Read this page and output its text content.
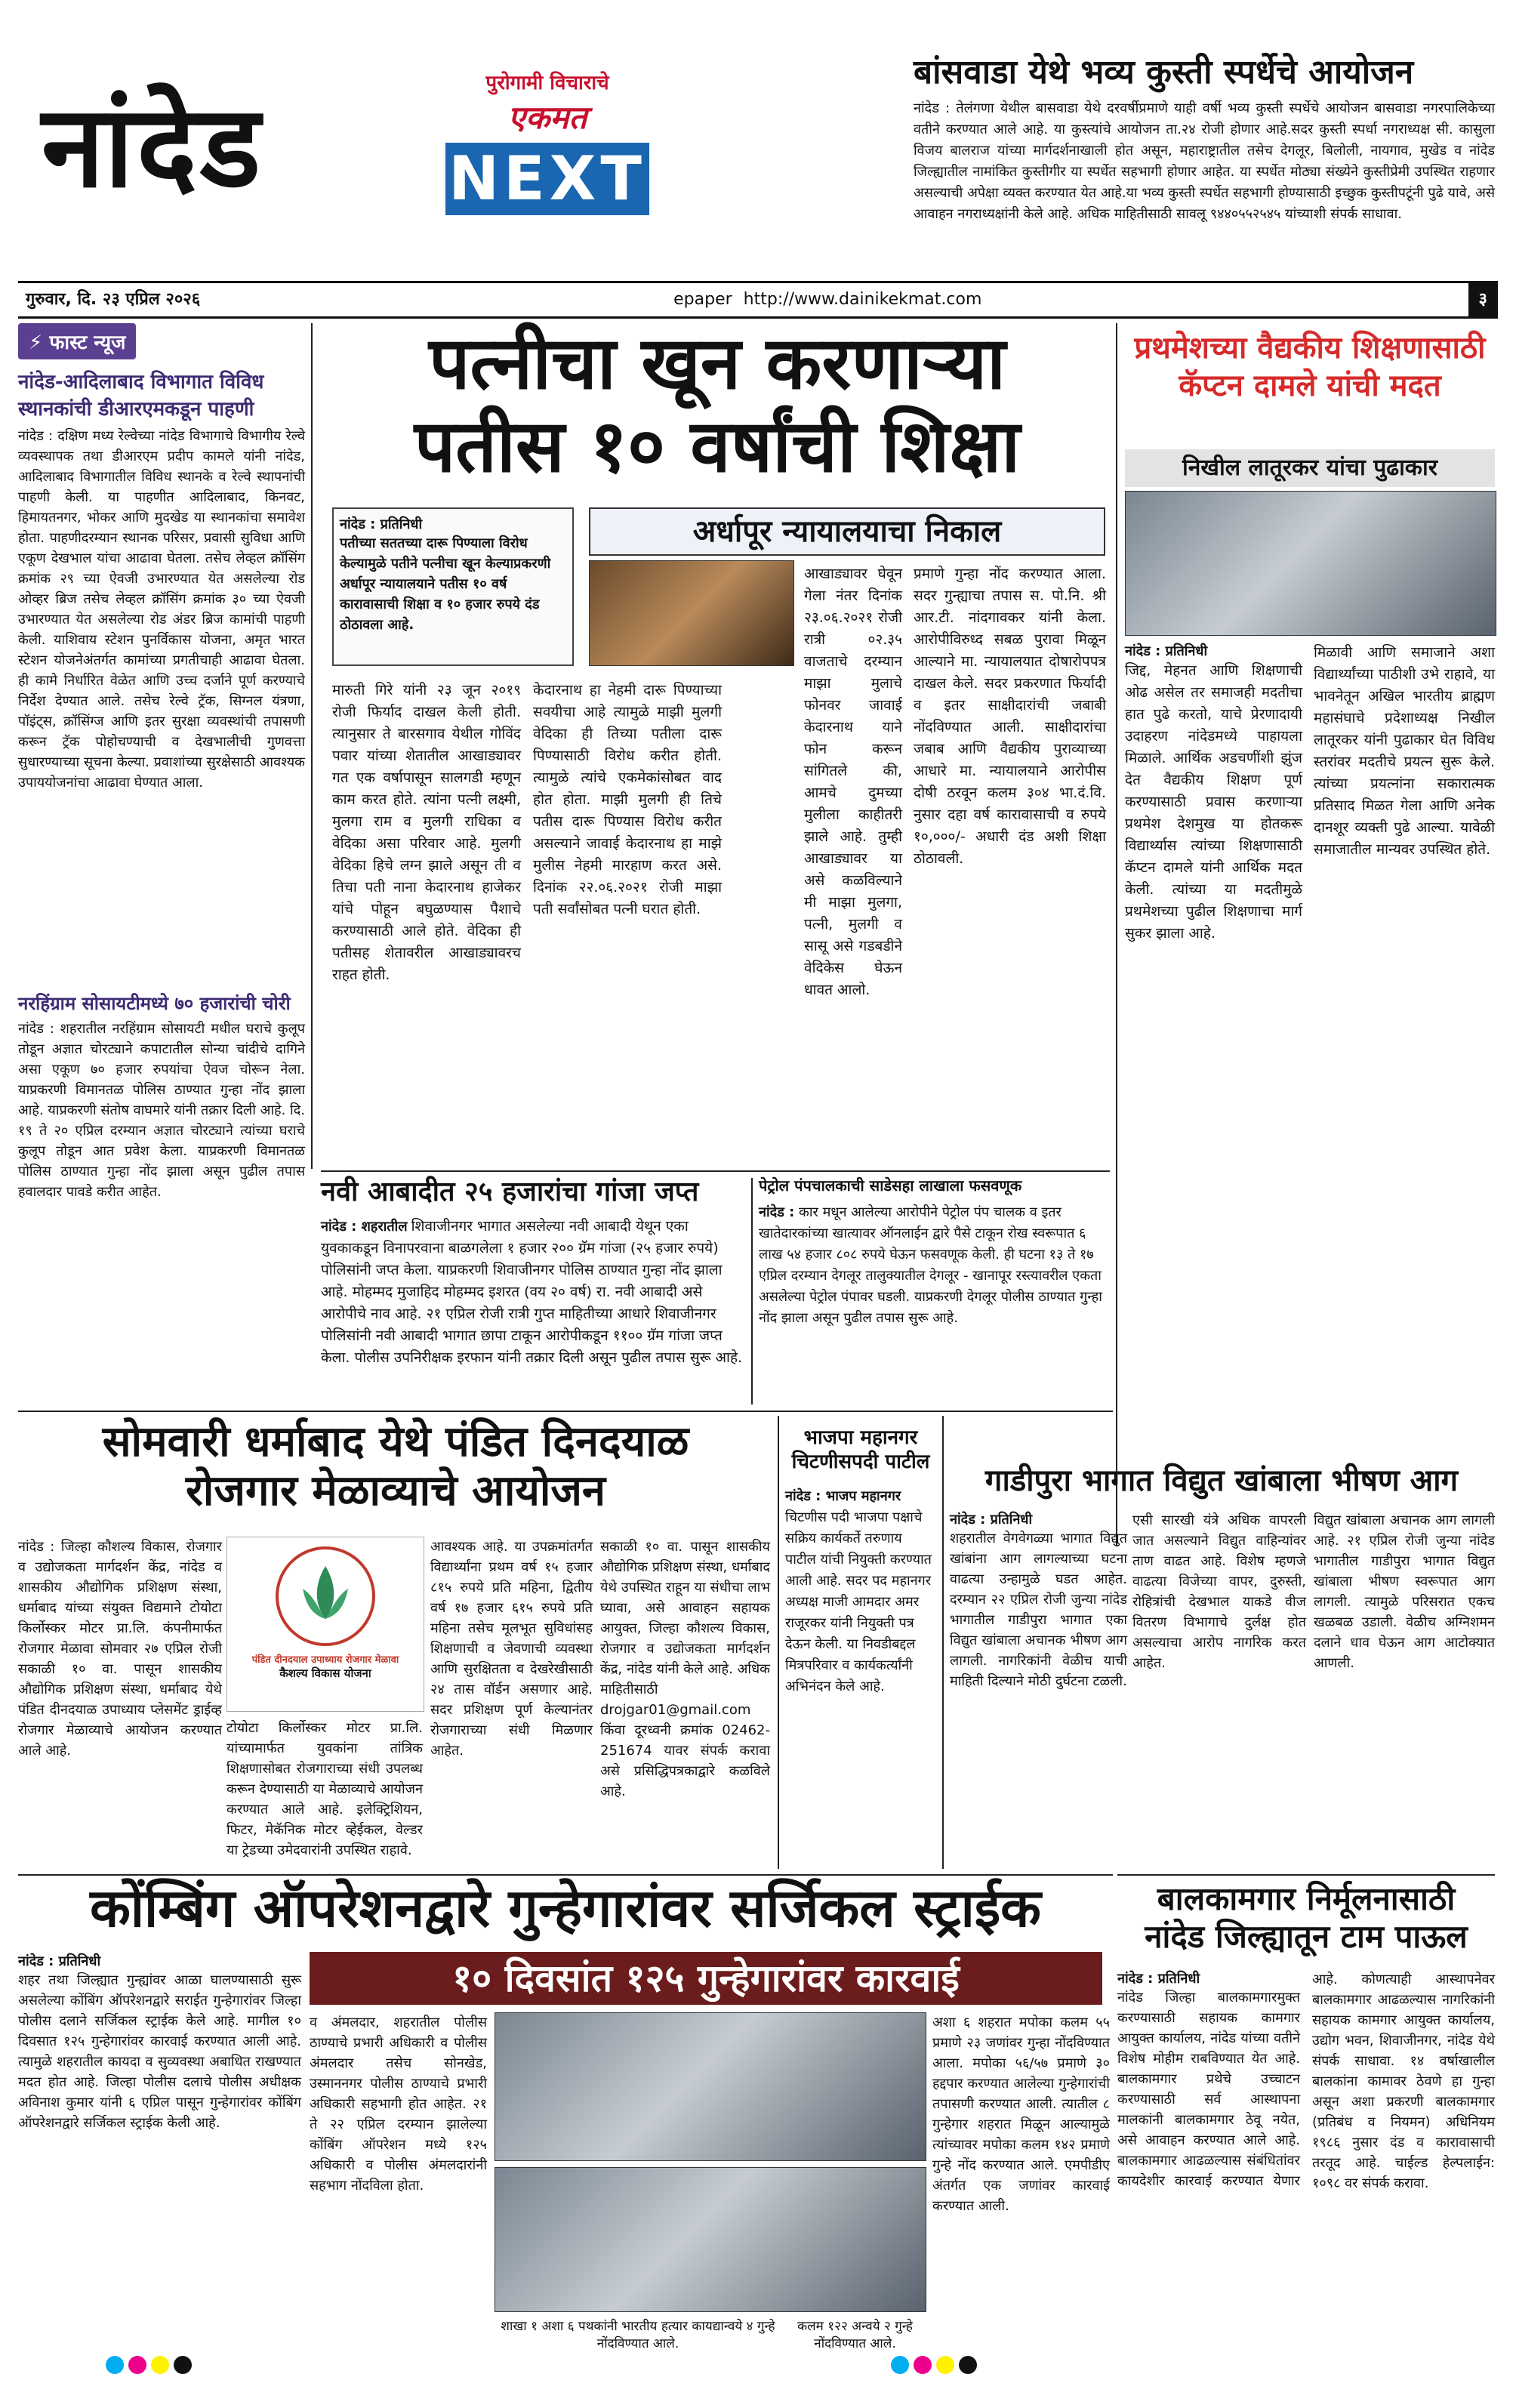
नांदेड	पुरोगामी विचाराचे
एकमत
NEXT
बांसवाडा येथे भव्य कुस्ती स्पर्धेचे आयोजन
नांदेड : तेलंगणा येथील बासवाडा येथे दरवर्षीप्रमाणे याही वर्षी भव्य कुस्ती स्पर्धेचे आयोजन बासवाडा नगरपालिकेच्या वतीने करण्यात आले आहे. या कुस्त्यांचे आयोजन ता.२४ रोजी होणार आहे.सदर कुस्ती स्पर्धा नगराध्यक्ष सी. कासुला विजय बालराज यांच्या मार्गदर्शनाखाली होत असून, महाराष्ट्रातील तसेच देगलूर, बिलोली, नायगाव, मुखेड व नांदेड जिल्ह्यातील नामांकित कुस्तीगीर या स्पर्धेत सहभागी होणार आहेत. या स्पर्धेत मोठ्या संख्येने कुस्तीप्रेमी उपस्थित राहणार असल्याची अपेक्षा व्यक्त करण्यात येत आहे.या भव्य कुस्ती स्पर्धेत सहभागी होण्यासाठी इच्छुक कुस्तीपटूंनी पुढे यावे, असे आवाहन नगराध्यक्षांनी केले आहे. अधिक माहितीसाठी सावलू ९४४०५५२५४५ यांच्याशी संपर्क साधावा.
गुरुवार, दि. २३ एप्रिल २०२६	epaper http://www.dainikekmat.com	३
⚡ फास्ट न्यूज
नांदेड-आदिलाबाद विभागात विविध स्थानकांची डीआरएमकडून पाहणी
नांदेड : दक्षिण मध्य रेल्वेच्या नांदेड विभागाचे विभागीय रेल्वे व्यवस्थापक तथा डीआरएम प्रदीप कामले यांनी नांदेड, आदिलाबाद विभागातील विविध स्थानके व रेल्वे स्थापनांची पाहणी केली. या पाहणीत आदिलाबाद, किनवट, हिमायतनगर, भोकर आणि मुदखेड या स्थानकांचा समावेश होता. पाहणीदरम्यान स्थानक परिसर, प्रवासी सुविधा आणि एकूण देखभाल यांचा आढावा घेतला. तसेच लेव्हल क्रॉसिंग क्रमांक २९ च्या ऐवजी उभारण्यात येत असलेल्या रोड ओव्हर ब्रिज तसेच लेव्हल क्रॉसिंग क्रमांक ३० च्या ऐवजी उभारण्यात येत असलेल्या रोड अंडर ब्रिज कामांची पाहणी केली. याशिवाय स्टेशन पुनर्विकास योजना, अमृत भारत स्टेशन योजनेअंतर्गत कामांच्या प्रगतीचाही आढावा घेतला. ही कामे निर्धारित वेळेत आणि उच्च दर्जाने पूर्ण करण्याचे निर्देश देण्यात आले. तसेच रेल्वे ट्रॅक, सिग्नल यंत्रणा, पॉइंट्स, क्रॉसिंग्ज आणि इतर सुरक्षा व्यवस्थांची तपासणी करून ट्रॅक पोहोचण्याची व देखभालीची गुणवत्ता सुधारण्याच्या सूचना केल्या. प्रवाशांच्या सुरक्षेसाठी आवश्यक उपाययोजनांचा आढावा घेण्यात आला.
नरहिंग्राम सोसायटीमध्ये ७० हजारांची चोरी
नांदेड : शहरातील नरहिंग्राम सोसायटी मधील घराचे कुलूप तोडून अज्ञात चोरट्याने कपाटातील सोन्या चांदीचे दागिने असा एकूण ७० हजार रुपयांचा ऐवज चोरून नेला. याप्रकरणी विमानतळ पोलिस ठाण्यात गुन्हा नोंद झाला आहे. याप्रकरणी संतोष वाघमारे यांनी तक्रार दिली आहे. दि. १९ ते २० एप्रिल दरम्यान अज्ञात चोरट्याने त्यांच्या घराचे कुलूप तोडून आत प्रवेश केला. याप्रकरणी विमानतळ पोलिस ठाण्यात गुन्हा नोंद झाला असून पुढील तपास हवालदार पावडे करीत आहेत.
पत्नीचा खून करणाऱ्या
पतीस १० वर्षांची शिक्षा
नांदेड : प्रतिनिधी
पतीच्या सततच्या दारू पिण्याला विरोध केल्यामुळे पतीने पत्नीचा खून केल्याप्रकरणी अर्धापूर न्यायालयाने पतीस १० वर्ष कारावासाची शिक्षा व १० हजार रुपये दंड ठोठावला आहे.
अर्धापूर न्यायालयाचा निकाल
मारुती गिरे यांनी २३ जून २०१९ रोजी फिर्याद दाखल केली होती. त्यानुसार ते बारसगाव येथील गोविंद पवार यांच्या शेतातील आखाड्यावर गत एक वर्षापासून सालगडी म्हणून काम करत होते. त्यांना पत्नी लक्ष्मी, मुलगा राम व मुलगी राधिका व वेदिका असा परिवार आहे. मुलगी वेदिका हिचे लग्न झाले असून ती व तिचा पती नाना केदारनाथ हाजेकर यांचे पोहून बघुळण्यास पैशाचे करण्यासाठी आले होते. वेदिका ही पतीसह शेतावरील आखाड्यावरच राहत होती.
केदारनाथ हा नेहमी दारू पिण्याच्या सवयीचा आहे त्यामुळे माझी मुलगी वेदिका ही तिच्या पतीला दारू पिण्यासाठी विरोध करीत होती. त्यामुळे त्यांचे एकमेकांसोबत वाद होत होता. माझी मुलगी ही तिचे पतीस दारू पिण्यास विरोध करीत असल्याने जावाई केदारनाथ हा माझे मुलीस नेहमी मारहाण करत असे. दिनांक २२.०६.२०२१ रोजी माझा पती सर्वांसोबत पत्नी घरात होती.
आखाड्यावर घेवून गेला नंतर दिनांक २३.०६.२०२१ रोजी रात्री ०२.३५ वाजताचे दरम्यान माझा मुलाचे फोनवर जावाई केदारनाथ याने फोन करून सांगितले की, आमचे दुमच्या मुलीला काहीतरी झाले आहे. तुम्ही आखाड्यावर या असे कळविल्याने मी माझा मुलगा, पत्नी, मुलगी व सासू असे गडबडीने वेदिकेस घेऊन धावत आलो.
प्रमाणे गुन्हा नोंद करण्यात आला. सदर गुन्ह्याचा तपास स. पो.नि. श्री आर.टी. नांदगावकर यांनी केला. आरोपीविरुध्द सबळ पुरावा मिळून आल्याने मा. न्यायालयात दोषारोपपत्र दाखल केले. सदर प्रकरणात फिर्यादी व इतर साक्षीदारांची जबाबी नोंदविण्यात आली. साक्षीदारांचा जबाब आणि वैद्यकीय पुराव्याच्या आधारे मा. न्यायालयाने आरोपीस दोषी ठरवून कलम ३०४ भा.दं.वि. नुसार दहा वर्ष कारावासाची व रुपये १०,०००/- अधारी दंड अशी शिक्षा ठोठावली.
प्रथमेशच्या वैद्यकीय शिक्षणासाठी
कॅप्टन दामले यांची मदत
निखील लातूरकर यांचा पुढाकार
नांदेड : प्रतिनिधी
जिद्द, मेहनत आणि शिक्षणाची ओढ असेल तर समाजही मदतीचा हात पुढे करतो, याचे प्रेरणादायी उदाहरण नांदेडमध्ये पाहायला मिळाले. आर्थिक अडचणींशी झुंज देत वैद्यकीय शिक्षण पूर्ण करण्यासाठी प्रवास करणाऱ्या प्रथमेश देशमुख या होतकरू विद्यार्थ्यास त्यांच्या शिक्षणासाठी कॅप्टन दामले यांनी आर्थिक मदत केली. त्यांच्या या मदतीमुळे प्रथमेशच्या पुढील शिक्षणाचा मार्ग सुकर झाला आहे.
मिळावी आणि समाजाने अशा विद्यार्थ्यांच्या पाठीशी उभे राहावे, या भावनेतून अखिल भारतीय ब्राह्मण महासंघाचे प्रदेशाध्यक्ष निखील लातूरकर यांनी पुढाकार घेत विविध स्तरांवर मदतीचे प्रयत्न सुरू केले. त्यांच्या प्रयत्नांना सकारात्मक प्रतिसाद मिळत गेला आणि अनेक दानशूर व्यक्ती पुढे आल्या. यावेळी समाजातील मान्यवर उपस्थित होते.
नवी आबादीत २५ हजारांचा गांजा जप्त
नांदेड : शहरातील शिवाजीनगर भागात असलेल्या नवी आबादी येथून एका युवकाकडून विनापरवाना बाळगलेला १ हजार २०० ग्रॅम गांजा (२५ हजार रुपये) पोलिसांनी जप्त केला. याप्रकरणी शिवाजीनगर पोलिस ठाण्यात गुन्हा नोंद झाला आहे. मोहम्मद मुजाहिद मोहम्मद इशरत (वय २० वर्ष) रा. नवी आबादी असे आरोपीचे नाव आहे. २१ एप्रिल रोजी रात्री गुप्त माहितीच्या आधारे शिवाजीनगर पोलिसांनी नवी आबादी भागात छापा टाकून आरोपीकडून ११०० ग्रॅम गांजा जप्त केला. पोलीस उपनिरीक्षक इरफान यांनी तक्रार दिली असून पुढील तपास सुरू आहे.
पेट्रोल पंपचालकाची साडेसहा लाखाला फसवणूक
नांदेड : कार मधून आलेल्या आरोपीने पेट्रोल पंप चालक व इतर खातेदारकांच्या खात्यावर ऑनलाईन द्वारे पैसे टाकून रोख स्वरूपात ६ लाख ५४ हजार ८०८ रुपये घेऊन फसवणूक केली. ही घटना १३ ते १७ एप्रिल दरम्यान देगलूर तालुक्यातील देगलूर - खानापूर रस्त्यावरील एकता असलेल्या पेट्रोल पंपावर घडली. याप्रकरणी देगलूर पोलीस ठाण्यात गुन्हा नोंद झाला असून पुढील तपास सुरू आहे.
सोमवारी धर्माबाद येथे पंडित दिनदयाळ
रोजगार मेळाव्याचे आयोजन
नांदेड : जिल्हा कौशल्य विकास, रोजगार व उद्योजकता मार्गदर्शन केंद्र, नांदेड व शासकीय औद्योगिक प्रशिक्षण संस्था, धर्माबाद यांच्या संयुक्त विद्यमाने टोयोटा किर्लोस्कर मोटर प्रा.लि. कंपनीमार्फत रोजगार मेळावा सोमवार २७ एप्रिल रोजी सकाळी १० वा. पासून शासकीय औद्योगिक प्रशिक्षण संस्था, धर्माबाद येथे पंडित दीनदयाळ उपाध्याय प्लेसमेंट ड्राईव्ह रोजगार मेळाव्याचे आयोजन करण्यात आले आहे.
पंडित दीनदयाल उपाध्याय रोजगार मेळावा
कैशल्य विकास योजना
टोयोटा किर्लोस्कर मोटर प्रा.लि. यांच्यामार्फत युवकांना तांत्रिक शिक्षणासोबत रोजगाराच्या संधी उपलब्ध करून देण्यासाठी या मेळाव्याचे आयोजन करण्यात आले आहे. इलेक्ट्रिशियन, फिटर, मेकॅनिक मोटर व्हेईकल, वेल्डर या ट्रेडच्या उमेदवारांनी उपस्थित राहावे.
आवश्यक आहे. या उपक्रमांतर्गत विद्यार्थ्यांना प्रथम वर्ष १५ हजार ८१५ रुपये प्रति महिना, द्वितीय वर्ष १७ हजार ६१५ रुपये प्रति महिना तसेच मूलभूत सुविधांसह शिक्षणाची व जेवणाची व्यवस्था आणि सुरक्षितता व देखरेखीसाठी २४ तास वॉर्डन असणार आहे. सदर प्रशिक्षण पूर्ण केल्यानंतर रोजगाराच्या संधी मिळणार आहेत.
सकाळी १० वा. पासून शासकीय औद्योगिक प्रशिक्षण संस्था, धर्माबाद येथे उपस्थित राहून या संधीचा लाभ घ्यावा, असे आवाहन सहायक आयुक्त, जिल्हा कौशल्य विकास, रोजगार व उद्योजकता मार्गदर्शन केंद्र, नांदेड यांनी केले आहे. अधिक माहितीसाठी drojgar01@gmail.com किंवा दूरध्वनी क्रमांक 02462-251674 यावर संपर्क करावा असे प्रसिद्धिपत्रकाद्वारे कळविले आहे.
भाजपा महानगर
चिटणीसपदी पाटील
नांदेड : भाजप महानगर चिटणीस पदी भाजपा पक्षाचे सक्रिय कार्यकर्ते तरुणाय पाटील यांची नियुक्ती करण्यात आली आहे. सदर पद महानगर अध्यक्ष माजी आमदार अमर राजूरकर यांनी नियुक्ती पत्र देऊन केली. या निवडीबद्दल मित्रपरिवार व कार्यकर्त्यांनी अभिनंदन केले आहे.
गाडीपुरा भागात विद्युत खांबाला भीषण आग
नांदेड : प्रतिनिधी
शहरातील वेगवेगळ्या भागात विद्युत खांबांना आग लागल्याच्या घटना वाढत्या उन्हामुळे घडत आहेत. दरम्यान २२ एप्रिल रोजी जुन्या नांदेड भागातील गाडीपुरा भागात एका विद्युत खांबाला अचानक भीषण आग लागली. नागरिकांनी वेळीच याची माहिती दिल्याने मोठी दुर्घटना टळली.
एसी सारखी यंत्रे अधिक वापरली जात असल्याने विद्युत वाहिन्यांवर ताण वाढत आहे. विशेष म्हणजे वाढत्या विजेच्या वापर, दुरुस्ती, रोहित्रांची देखभाल याकडे वीज वितरण विभागाचे दुर्लक्ष होत असल्याचा आरोप नागरिक करत आहेत.
विद्युत खांबाला अचानक आग लागली आहे. २१ एप्रिल रोजी जुन्या नांदेड भागातील गाडीपुरा भागात विद्युत खांबाला भीषण स्वरूपात आग लागली. त्यामुळे परिसरात एकच खळबळ उडाली. वेळीच अग्निशमन दलाने धाव घेऊन आग आटोक्यात आणली.
बालकामगार निर्मूलनासाठी
नांदेड जिल्ह्यातून टाम पाऊल
नांदेड : प्रतिनिधी
नांदेड जिल्हा बालकामगारमुक्त करण्यासाठी सहायक कामगार आयुक्त कार्यालय, नांदेड यांच्या वतीने विशेष मोहीम राबविण्यात येत आहे. बालकामगार प्रथेचे उच्चाटन करण्यासाठी सर्व आस्थापना मालकांनी बालकामगार ठेवू नयेत, असे आवाहन करण्यात आले आहे. बालकामगार आढळल्यास संबंधितांवर कायदेशीर कारवाई करण्यात येणार आहे. कोणत्याही आस्थापनेवर बालकामगार आढळल्यास नागरिकांनी सहायक कामगार आयुक्त कार्यालय, उद्योग भवन, शिवाजीनगर, नांदेड येथे संपर्क साधावा. १४ वर्षाखालील बालकांना कामावर ठेवणे हा गुन्हा असून अशा प्रकरणी बालकामगार (प्रतिबंध व नियमन) अधिनियम १९८६ नुसार दंड व कारावासाची तरतूद आहे. चाईल्ड हेल्पलाईन: १०९८ वर संपर्क करावा.
कोंम्बिंग ऑपरेशनद्वारे गुन्हेगारांवर सर्जिकल स्ट्राईक
१० दिवसांत १२५ गुन्हेगारांवर कारवाई
नांदेड : प्रतिनिधी
शहर तथा जिल्ह्यात गुन्ह्यांवर आळा घालण्यासाठी सुरू असलेल्या कोंबिंग ऑपरेशनद्वारे सराईत गुन्हेगारांवर जिल्हा पोलीस दलाने सर्जिकल स्ट्राईक केले आहे. मागील १० दिवसात १२५ गुन्हेगारांवर कारवाई करण्यात आली आहे. त्यामुळे शहरातील कायदा व सुव्यवस्था अबाधित राखण्यात मदत होत आहे. जिल्हा पोलीस दलाचे पोलीस अधीक्षक अविनाश कुमार यांनी ६ एप्रिल पासून गुन्हेगारांवर कोंबिंग ऑपरेशनद्वारे सर्जिकल स्ट्राईक केली आहे.
व अंमलदार, शहरातील पोलीस ठाण्याचे प्रभारी अधिकारी व पोलीस अंमलदार तसेच सोनखेड, उस्माननगर पोलीस ठाण्याचे प्रभारी अधिकारी सहभागी होत आहेत. २१ ते २२ एप्रिल दरम्यान झालेल्या कोंबिंग ऑपरेशन मध्ये १२५ अधिकारी व पोलीस अंमलदारांनी सहभाग नोंदविला होता.
शाखा १ अशा ६ पथकांनी भारतीय हत्यार कायद्यान्वये ४ गुन्हे नोंदविण्यात आले.
कलम १२२ अन्वये २ गुन्हे नोंदविण्यात आले.
अशा ६ शहरात मपोका कलम ५५ प्रमाणे २३ जणांवर गुन्हा नोंदविण्यात आला. मपोका ५६/५७ प्रमाणे ३० हद्दपार करण्यात आलेल्या गुन्हेगारांची तपासणी करण्यात आली. त्यातील ८ गुन्हेगार शहरात मिळून आल्यामुळे त्यांच्यावर मपोका कलम १४२ प्रमाणे गुन्हे नोंद करण्यात आले. एमपीडीए अंतर्गत एक जणांवर कारवाई करण्यात आली.
